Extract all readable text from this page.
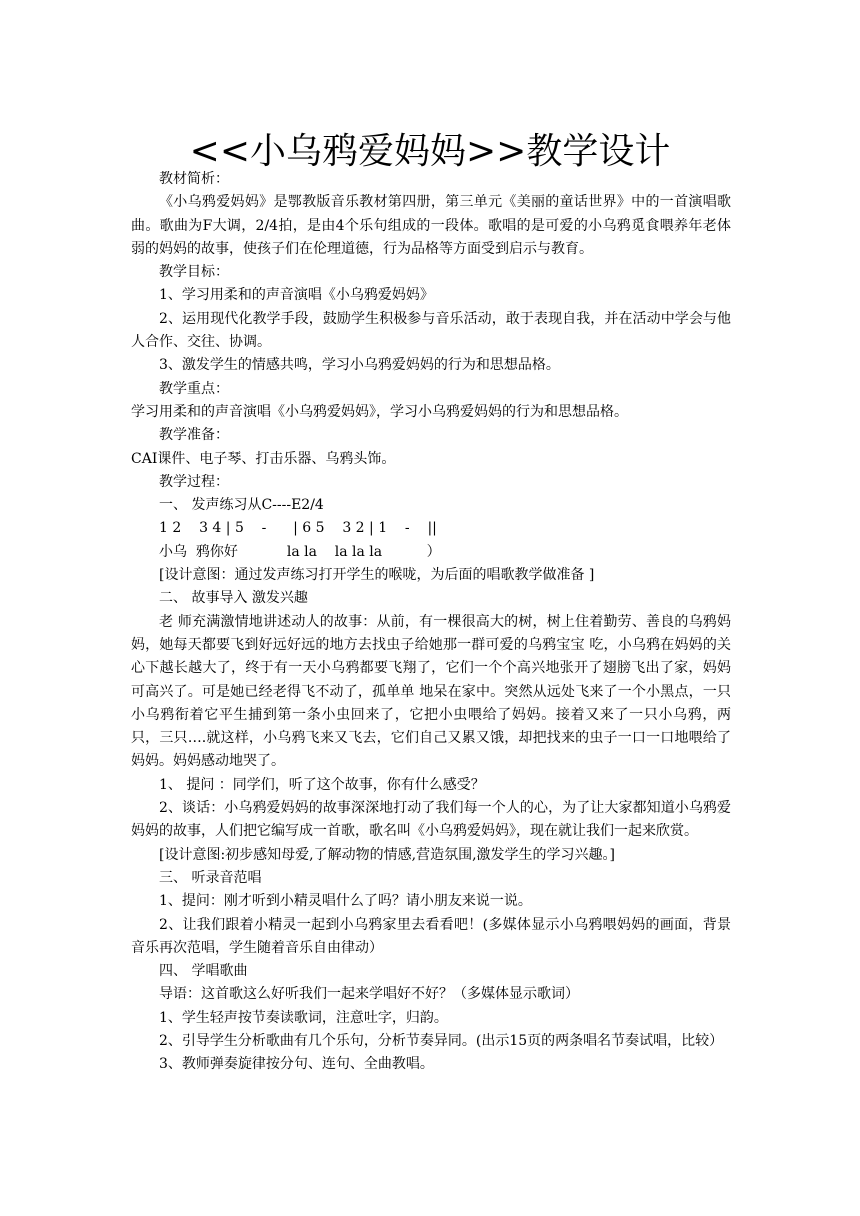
<<小乌鸦爱妈妈>>教学设计

教材简析：

《小乌鸦爱妈妈》是鄂教版音乐教材第四册，第三单元《美丽的童话世界》中的一首演唱歌曲。歌曲为F大调，2/4拍，是由4个乐句组成的一段体。歌唱的是可爱的小乌鸦觅食喂养年老体弱的妈妈的故事，使孩子们在伦理道德，行为品格等方面受到启示与教育。

教学目标：

1、学习用柔和的声音演唱《小乌鸦爱妈妈》

2、运用现代化教学手段，鼓励学生积极参与音乐活动，敢于表现自我，并在活动中学会与他人合作、交往、协调。

3、激发学生的情感共鸣，学习小乌鸦爱妈妈的行为和思想品格。

教学重点：

学习用柔和的声音演唱《小乌鸦爱妈妈》，学习小乌鸦爱妈妈的行为和思想品格。

教学准备：

CAI课件、电子琴、打击乐器、乌鸦头饰。

教学过程：

一、 发声练习从C----E2/4

1 2    3 4 | 5    -      | 6 5    3 2 | 1    -    ||

小乌  鸦你好           la la    la la la          ）

[设计意图：通过发声练习打开学生的喉咙，为后面的唱歌教学做准备 ]

二、 故事导入 激发兴趣

老 师充满激情地讲述动人的故事：从前，有一棵很高大的树，树上住着勤劳、善良的乌鸦妈妈，她每天都要飞到好远好远的地方去找虫子给她那一群可爱的乌鸦宝宝 吃，小乌鸦在妈妈的关心下越长越大了，终于有一天小乌鸦都要飞翔了，它们一个个高兴地张开了翅膀飞出了家，妈妈可高兴了。可是她已经老得飞不动了，孤单单 地呆在家中。突然从远处飞来了一个小黑点，一只小乌鸦衔着它平生捕到第一条小虫回来了，它把小虫喂给了妈妈。接着又来了一只小乌鸦，两只，三只….就这样，小乌鸦飞来又飞去，它们自己又累又饿，却把找来的虫子一口一口地喂给了妈妈。妈妈感动地哭了。

1、 提问 ：同学们，听了这个故事，你有什么感受？

2、谈话：小乌鸦爱妈妈的故事深深地打动了我们每一个人的心，为了让大家都知道小乌鸦爱妈妈的故事，人们把它编写成一首歌，歌名叫《小乌鸦爱妈妈》，现在就让我们一起来欣赏。

[设计意图:初步感知母爱,了解动物的情感,营造氛围,激发学生的学习兴趣。]

三、 听录音范唱

1、提问：刚才听到小精灵唱什么了吗？请小朋友来说一说。

2、让我们跟着小精灵一起到小乌鸦家里去看看吧！(多媒体显示小乌鸦喂妈妈的画面，背景音乐再次范唱，学生随着音乐自由律动）

四、 学唱歌曲

导语：这首歌这么好听我们一起来学唱好不好？（多媒体显示歌词）

1、学生轻声按节奏读歌词，注意吐字，归韵。

2、引导学生分析歌曲有几个乐句，分析节奏异同。(出示15页的两条唱名节奏试唱，比较）

3、教师弹奏旋律按分句、连句、全曲教唱。
